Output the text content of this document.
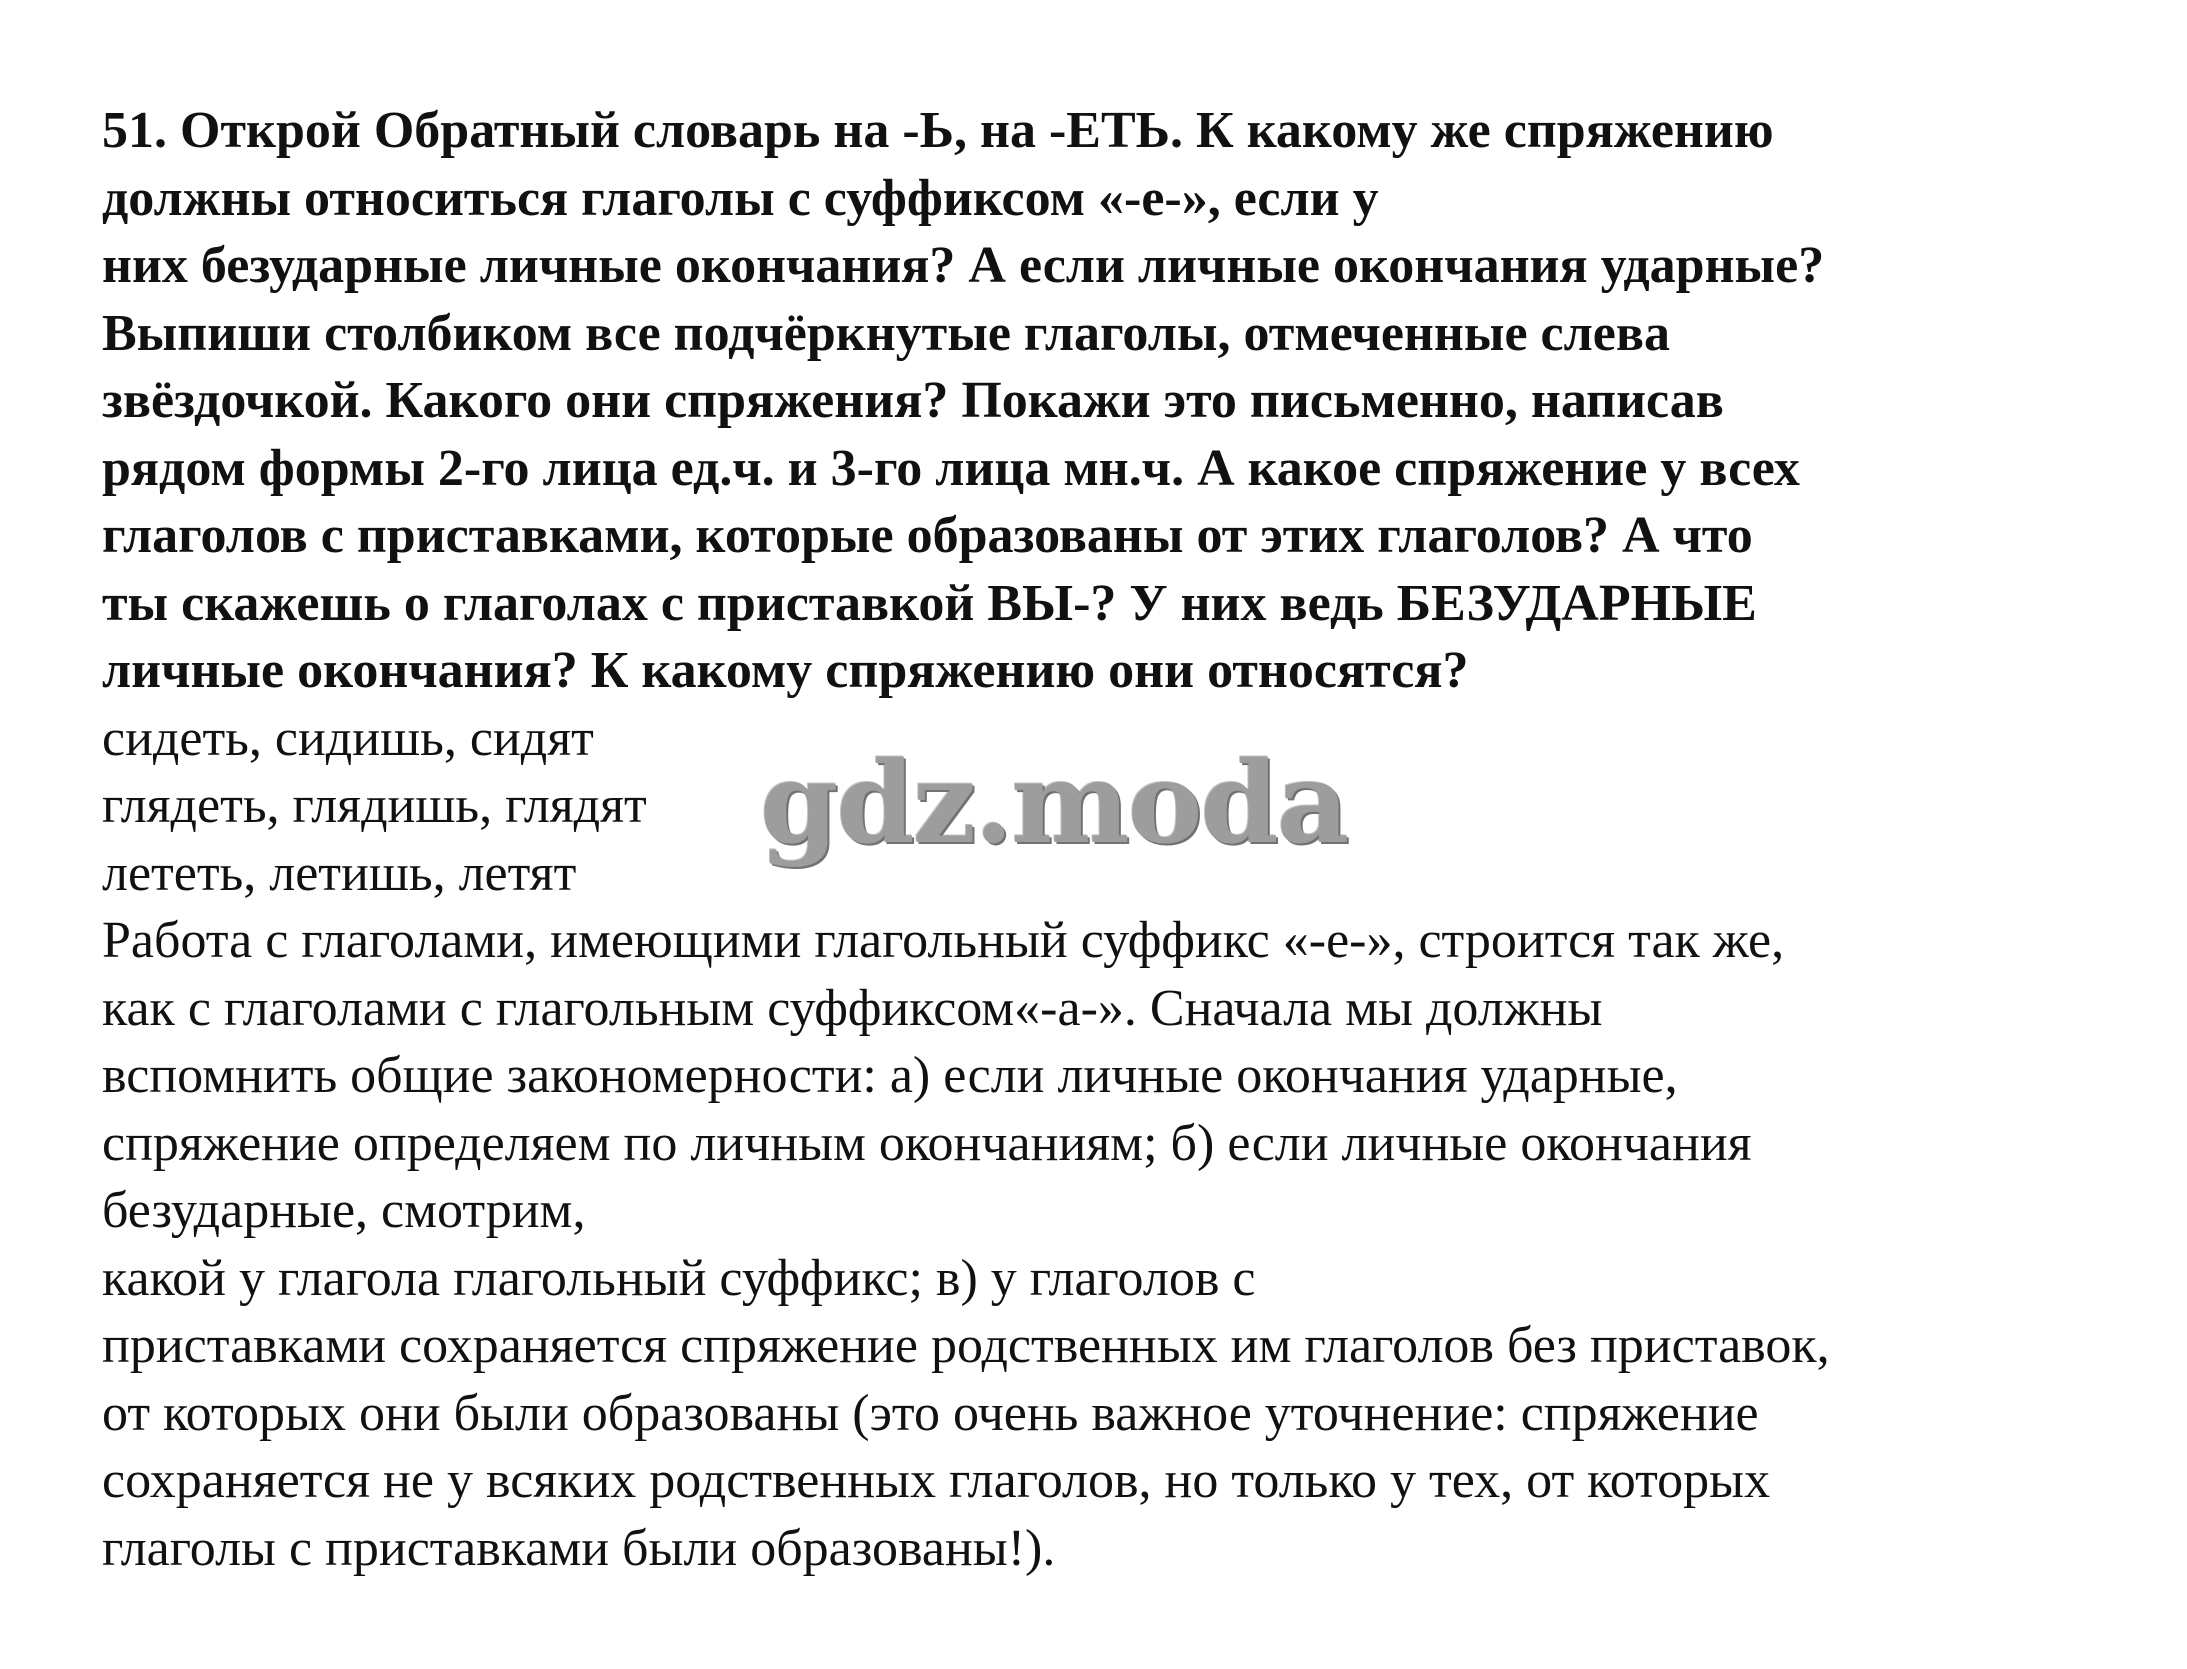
51. Открой Обратный словарь на -Ь, на -ЕТЬ. К какому же спряжению
должны относиться глаголы с суффиксом «-е-», если у
них безударные личные окончания? А если личные окончания ударные?
Выпиши столбиком все подчёркнутые глаголы, отмеченные слева
звёздочкой. Какого они спряжения? Покажи это письменно, написав
рядом формы 2-го лица ед.ч. и 3-го лица мн.ч. А какое спряжение у всех
глаголов с приставками, которые образованы от этих глаголов? А что
ты скажешь о глаголах с приставкой ВЫ-? У них ведь БЕЗУДАРНЫЕ
личные окончания? К какому спряжению они относятся?
сидеть, сидишь, сидят
глядеть, глядишь, глядят
лететь, летишь, летят
Работа с глаголами, имеющими глагольный суффикс «-е-», строится так же,
как с глаголами с глагольным суффиксом«-а-». Сначала мы должны
вспомнить общие закономерности: а) если личные окончания ударные,
спряжение определяем по личным окончаниям; б) если личные окончания
безударные, смотрим,
какой у глагола глагольный суффикс; в) у глаголов с
приставками сохраняется спряжение родственных им глаголов без приставок,
от которых они были образованы (это очень важное уточнение: спряжение
сохраняется не у всяких родственных глаголов, но только у тех, от которых
глаголы с приставками были образованы!).
gdz.moda
